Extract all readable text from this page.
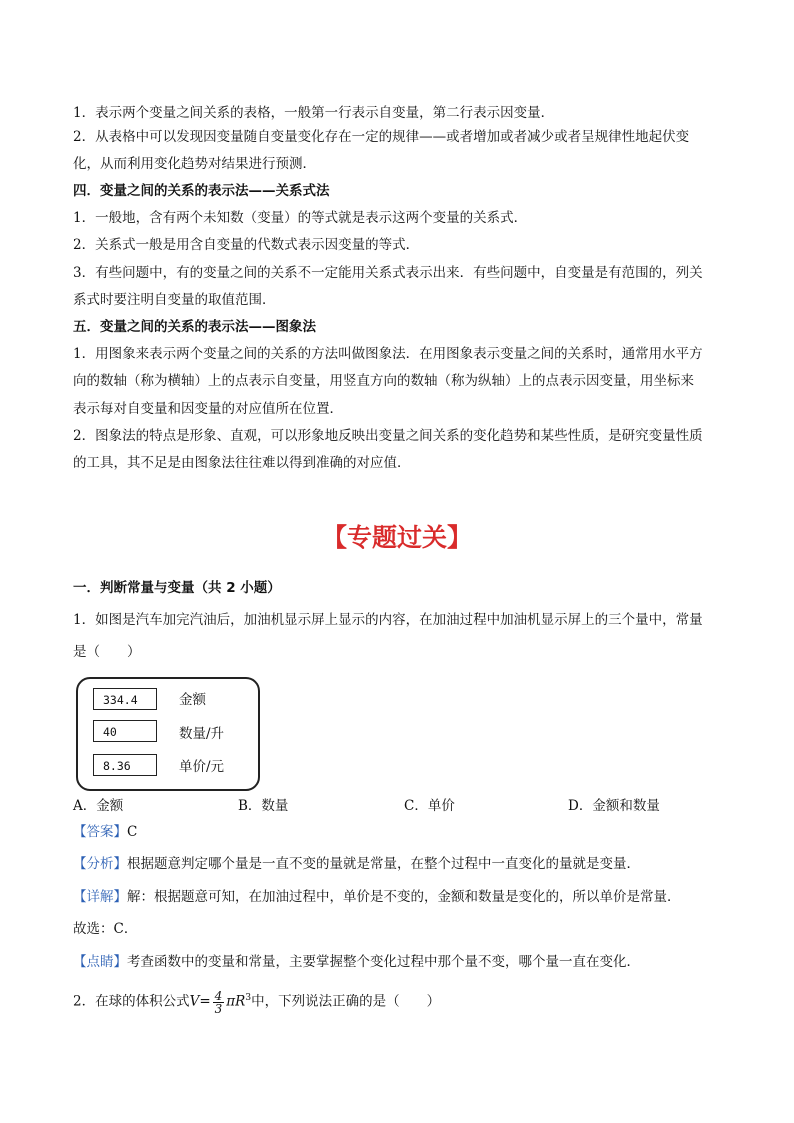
1．表示两个变量之间关系的表格，一般第一行表示自变量，第二行表示因变量．
2．从表格中可以发现因变量随自变量变化存在一定的规律——或者增加或者减少或者呈规律性地起伏变
化，从而利用变化趋势对结果进行预测．
四．变量之间的关系的表示法——关系式法
1．一般地，含有两个未知数（变量）的等式就是表示这两个变量的关系式．
2．关系式一般是用含自变量的代数式表示因变量的等式．
3．有些问题中，有的变量之间的关系不一定能用关系式表示出来．有些问题中，自变量是有范围的，列关
系式时要注明自变量的取值范围．
五．变量之间的关系的表示法——图象法
1．用图象来表示两个变量之间的关系的方法叫做图象法．在用图象表示变量之间的关系时，通常用水平方
向的数轴（称为横轴）上的点表示自变量，用竖直方向的数轴（称为纵轴）上的点表示因变量，用坐标来
表示每对自变量和因变量的对应值所在位置．
2．图象法的特点是形象、直观，可以形象地反映出变量之间关系的变化趋势和某些性质，是研究变量性质
的工具，其不足是由图象法往往难以得到准确的对应值．
【专题过关】
一．判断常量与变量（共 2 小题）
1．如图是汽车加完汽油后，加油机显示屏上显示的内容，在加油过程中加油机显示屏上的三个量中，常量
是（　　）
334.4	金额
40	数量/升
8.36	单价/元
A．金额	B．数量	C．单价	D．金额和数量
【答案】C
【分析】根据题意判定哪个量是一直不变的量就是常量，在整个过程中一直变化的量就是变量．
【详解】解：根据题意可知，在加油过程中，单价是不变的，金额和数量是变化的，所以单价是常量．
故选：C．
【点睛】考查函数中的变量和常量，主要掌握整个变化过程中那个量不变，哪个量一直在变化．
2．在球的体积公式$V= \frac{4}{3} \pi R^3$中，下列说法正确的是（　　）
